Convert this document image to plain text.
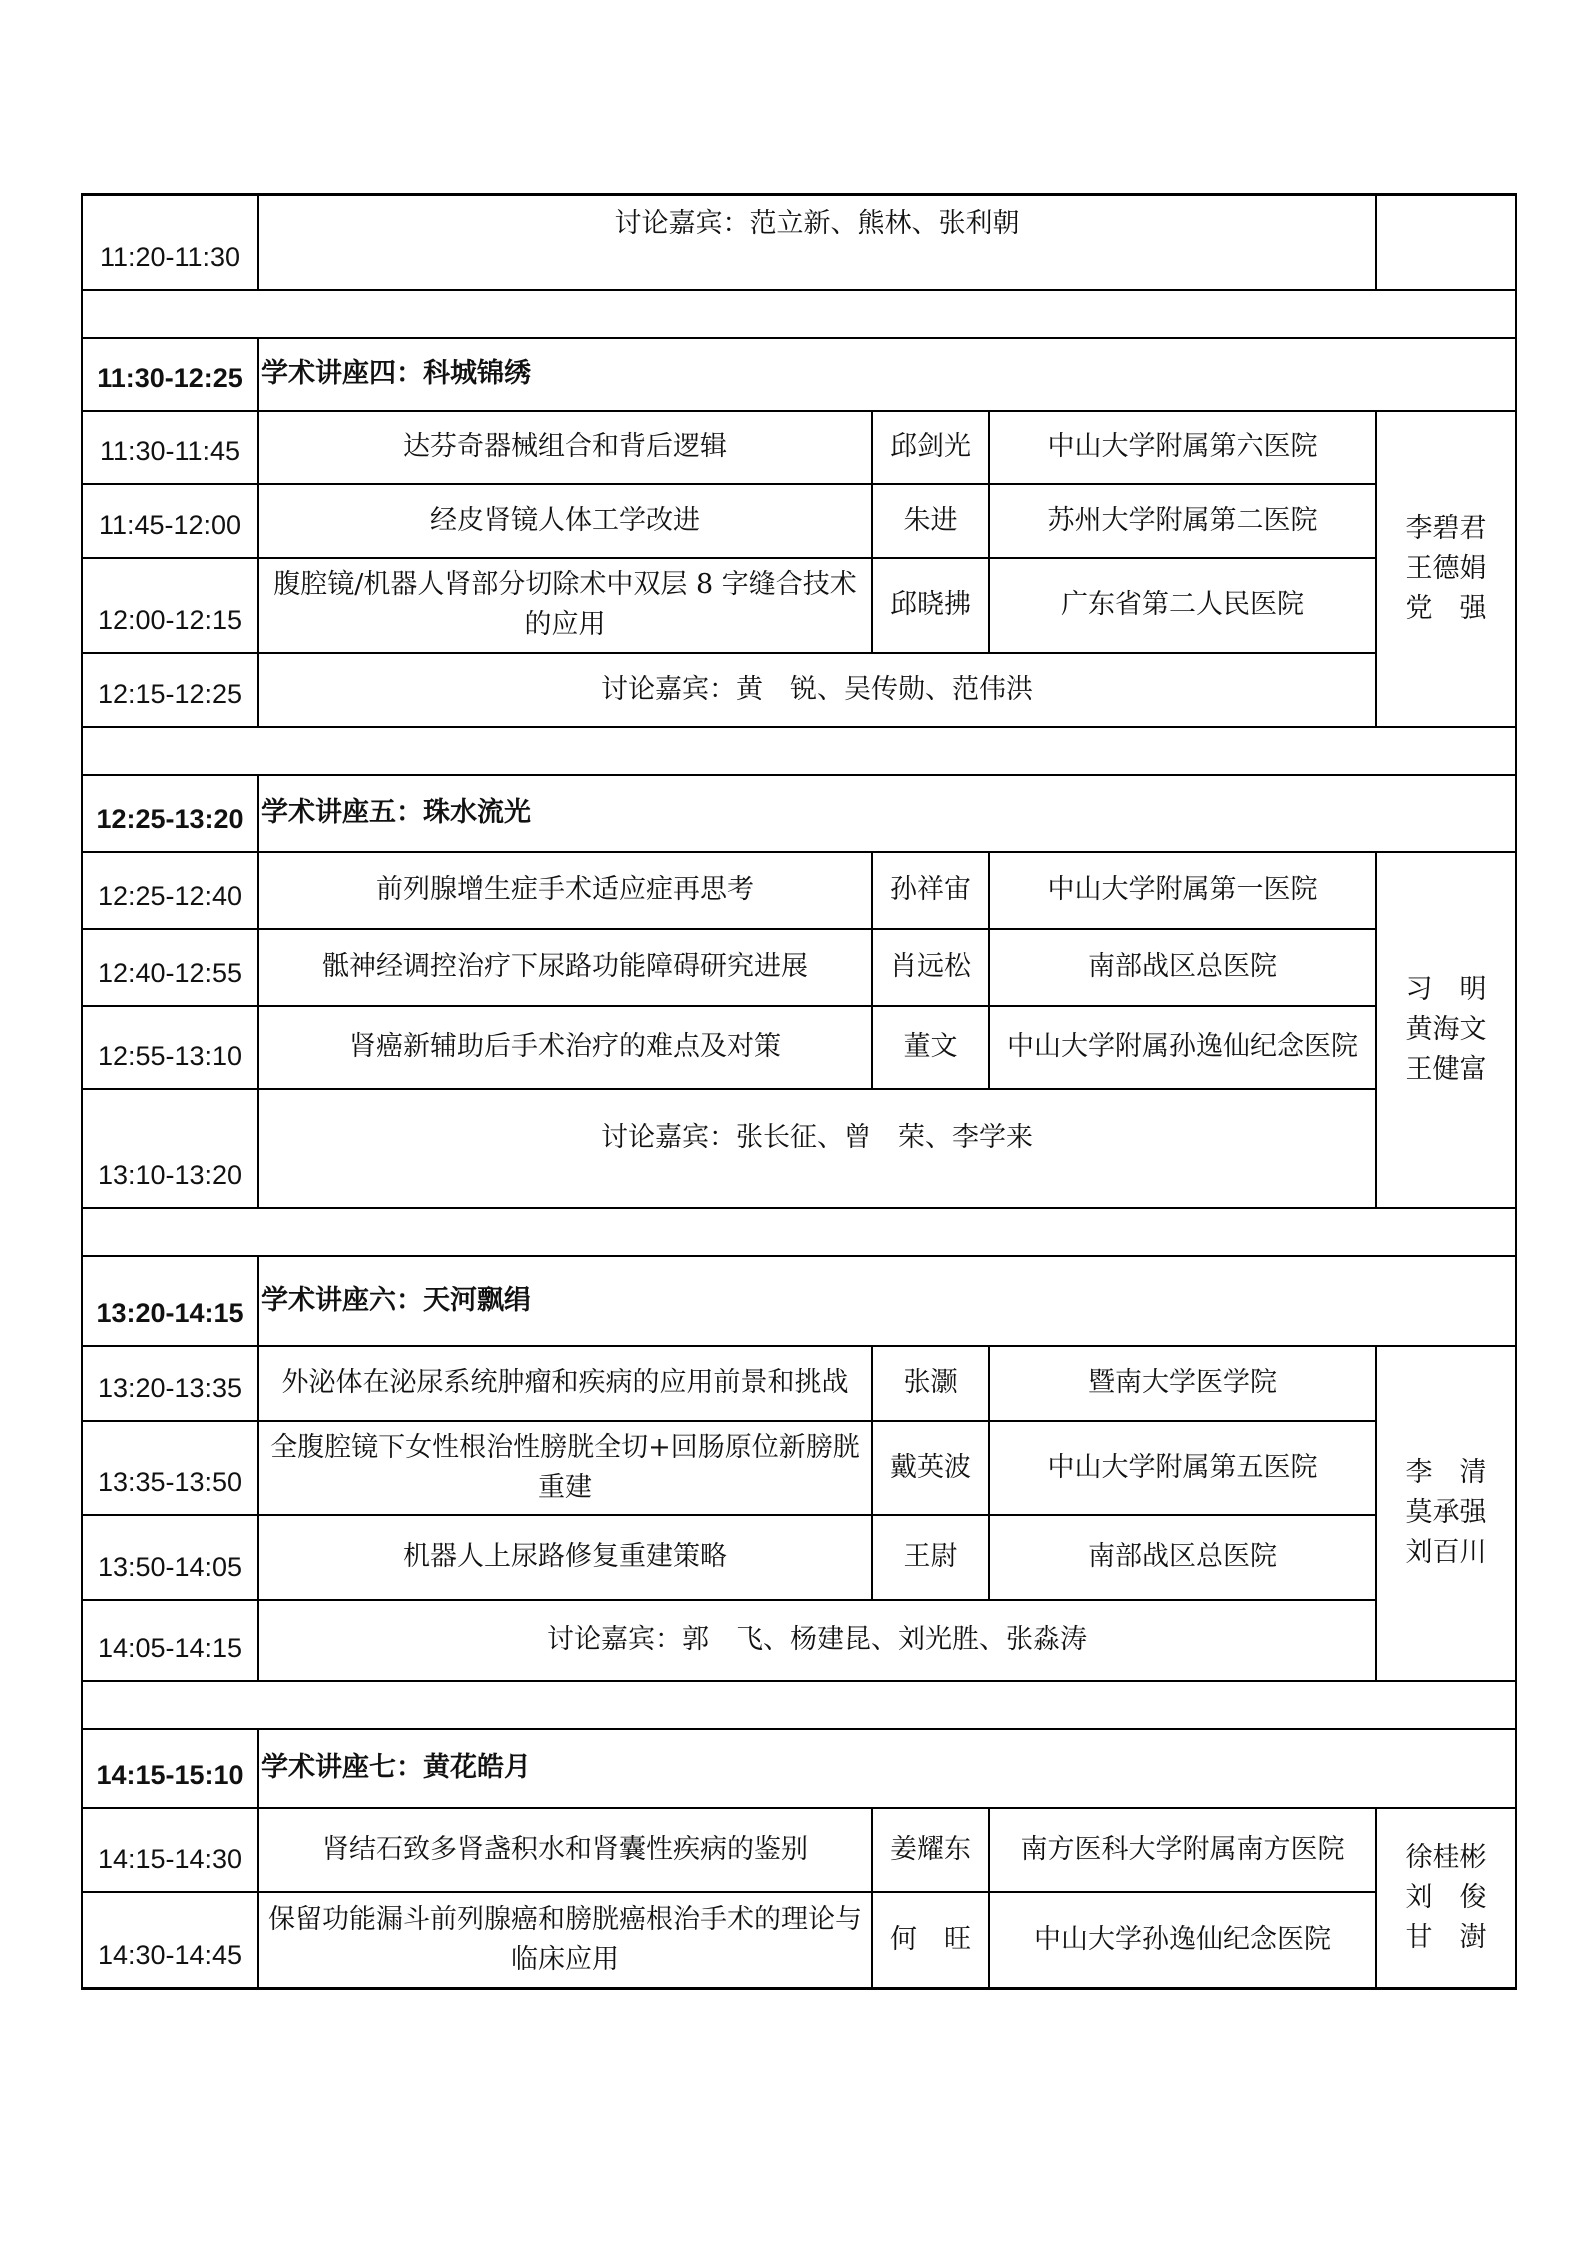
11:20-11:30	讨论嘉宾：范立新、熊林、张利朝			

11:30-12:25	学术讲座四：科城锦绣			
11:30-11:45	达芬奇器械组合和背后逻辑	邱剑光	中山大学附属第六医院	李碧君
王德娟
党　强

11:45-12:00	经皮肾镜人体工学改进	朱进	苏州大学附属第二医院	
12:00-12:15	腹腔镜/机器人肾部分切除术中双层 8 字缝合技术的应用	邱晓拂	广东省第二人民医院	
12:15-12:25	讨论嘉宾：黄　锐、吴传勋、范伟洪			

12:25-13:20	学术讲座五：珠水流光			
12:25-12:40	前列腺增生症手术适应症再思考	孙祥宙	中山大学附属第一医院	习　明
黄海文
王健富

12:40-12:55	骶神经调控治疗下尿路功能障碍研究进展	肖远松	南部战区总医院	
12:55-13:10	肾癌新辅助后手术治疗的难点及对策	董文	中山大学附属孙逸仙纪念医院	
13:10-13:20	讨论嘉宾：张长征、曾　荣、李学来			

13:20-14:15	学术讲座六：天河飘绢			
13:20-13:35	外泌体在泌尿系统肿瘤和疾病的应用前景和挑战	张灏	暨南大学医学院	李　清
莫承强
刘百川

13:35-13:50	全腹腔镜下女性根治性膀胱全切+回肠原位新膀胱重建	戴英波	中山大学附属第五医院	
13:50-14:05	机器人上尿路修复重建策略	王尉	南部战区总医院	
14:05-14:15	讨论嘉宾：郭　飞、杨建昆、刘光胜、张淼涛			

14:15-15:10	学术讲座七：黄花皓月			
14:15-14:30	肾结石致多肾盏积水和肾囊性疾病的鉴别	姜耀东	南方医科大学附属南方医院	徐桂彬
刘　俊
甘　澍

14:30-14:45	保留功能漏斗前列腺癌和膀胱癌根治手术的理论与临床应用	何　旺	中山大学孙逸仙纪念医院	
